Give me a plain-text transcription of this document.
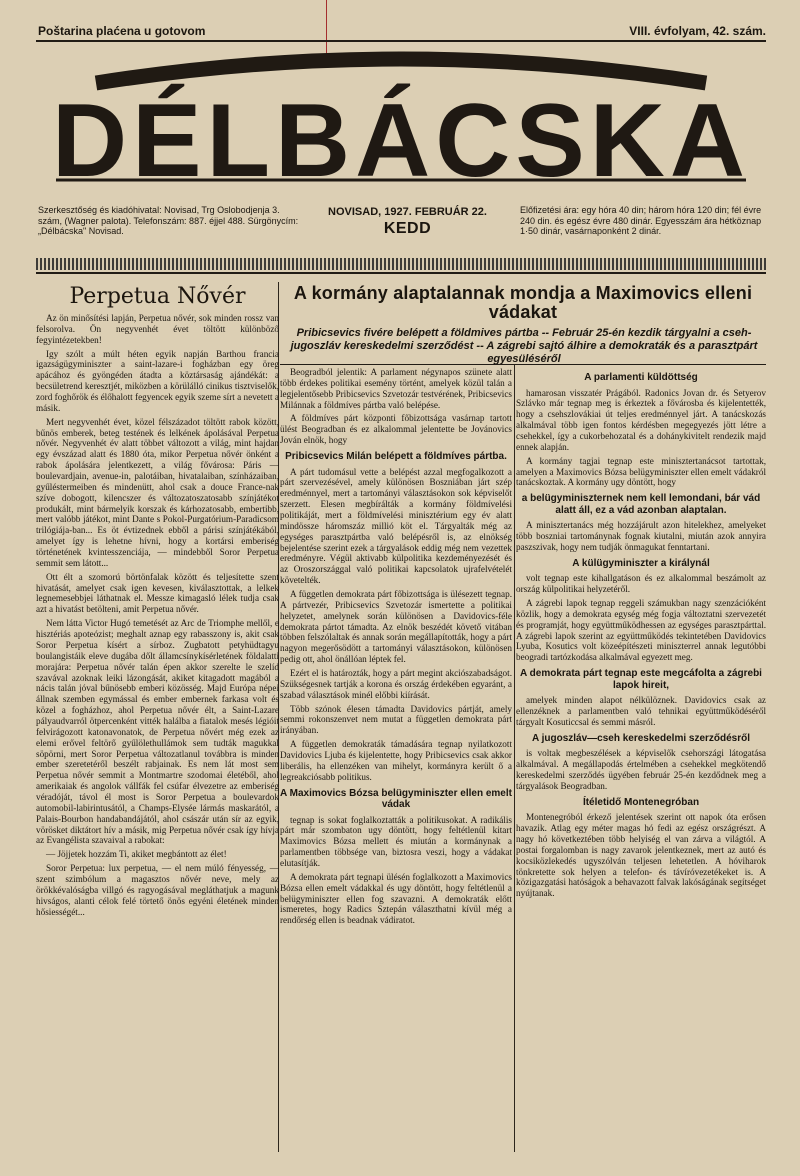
Poštarina plaćena u gotovom	VIII. évfolyam, 42. szám.
DÉLBÁCSKA
Szerkesztőség és kiadóhivatal: Novisad, Trg Oslobodjenja 3. szám, (Wagner palota). Telefonszám: 887. éjjel 488. Sürgönycím: „Délbácska" Novisad.
NOVISAD, 1927. FEBRUÁR 22.
KEDD
Előfizetési ára: egy hóra 40 din; három hóra 120 din; fél évre 240 din. és egész évre 480 dinár. Egyesszám ára hétköznap 1·50 dinár, vasárnaponként 2 dinár.
Perpetua Nővér
Az ön minősítési lapján, Perpetua nővér, sok minden rossz van felsorolva. Ön negyvenhét évet töltött különböző fegyintézetekben!
Igy szólt a múlt héten egyik napján Barthou francia igazságügyminiszter a saint-lazare-i fogházban egy öreg apácához és gyöngéden átadta a köztársaság ajándékát: a becsületrend keresztjét, miközben a körülálló cinikus tisztviselők, zord foghőrök és élőhalott fegyencek egyik szeme sírt a nevetett a másik.
Mert negyvenhét évet, közel félszázadot töltött rabok között, bűnös emberek, beteg testének és lelkének ápolásával Perpetua nővér. Negyvenhét év alatt többet változott a világ, mint hajdan egy évszázad alatt és 1880 óta, mikor Perpetua nővér önként a rabok ápolására jelentkezett, a világ fővárosa: Páris — boulevardjain, avenue-in, palotáiban, hivatalaiban, színházaiban, gyűléstermeiben és mindenütt, ahol csak a douce France-nak szíve dobogott, kilencszer és változatoszatosabb színjátékot produkált, mint bármelyik korszak és kárhozatosabb, embertibb, mert valóbb játékot, mint Dante s Pokol-Purgatórium-Paradicsom trilógiája-ban... Es öt évtizednek ebből a párisi színjátékából, amelyet így is lehetne hívni, hogy a kortársi emberiség történetének kvintesszenciája, — mindebből Soror Perpetua semmit sem látott...
Ott élt a szomorú börtönfalak között és teljesítette szent hivatását, amelyet csak igen kevesen, kiválasztottak, a lelkek legnemesebbjei láthatnak el. Messze kimagasló lélek tudja csak azt a hivatást betölteni, amit Perpetua nővér.
Nem látta Victor Hugó temetését az Arc de Triomphe mellől, e hisztériás apoteózist; meghalt aznap egy rabasszony is, akit csak Soror Perpetua kísért a sírboz. Zugbatott petyhüdtagyu boulangistáik eleve dugába dőlt államcsínykísérletének földalatti morajára: Perpetua nővér talán épen akkor szerelte le szelíd szavával azoknak leiki lázongását, akiket kitagadott magából a nácis talán jóval bűnösebb emberi közösség. Majd Európa népei állnak szemben egymással és ember embernek farkasa volt és közel a fogházhoz, ahol Perpetua nővér élt, a Saint-Lazare pályaudvarról ötpercenként vitték halálba a fiatalok mesés légióit felvirágozott katonavonatok, de Perpetua nővért még ezek az elemi erővel feltörő gyűlölethullámok sem tudták magukkal söpörni, mert Soror Perpetua változatlanul továbbra is minden ember szeretetéről beszélt rabjainak. Es nem lát most sem Perpetua nővér semmit a Montmartre szodomai életéből, ahol amerikaiak és angolok vállfák fel csúfar élvezetre az emberiség véradóját, távol él most is Soror Perpetua a boulevardok automobil-labirintusától, a Champs-Elysée lármás maskarától, a Palais-Bourbon handabandájától, ahol császár után sír az egyik, vörösket diktátort hív a másik, mig Perpetua nővér csak így hívja az Evangélista szavaival a rabokat:
— Jöjjetek hozzám Ti, akiket megbántott az élet!
Soror Perpetua: lux perpetua, — el nem múló fényesség, — szent szimbólum a magasztos nővér neve, mely az örökkévalóságba villgó és ragyogásával megláthatjuk a magunk hivságos, alanti célok felé törtető önös egyéni életének minden hősiességét...
A kormány alaptalannak mondja a Maximovics elleni vádakat
Pribicsevics fivére belépett a földmives pártba -- Február 25-én kezdik tárgyalni a cseh-jugoszláv kereskedelmi szerződést -- A zágrebi sajtó álhire a demokraták és a parasztpárt egyesüléséről
Beogradból jelentik: A parlament négynapos szünete alatt több érdekes politikai esemény történt, amelyek közül talán a legjelentősebb Pribicsevics Szvetozár testvérének, Pribicsevics Milánnak a földmíves pártba való belépése.
A földmíves párt központi főbizottsága vasárnap tartott ülést Beogradban és ez alkalommal jelentette be Jovánovics Jován elnök, hogy
Pribicsevics Milán belépett a földmíves pártba.
A párt tudomásul vette a belépést azzal megfogalkozott a párt szervezésével, amely különösen Boszniában járt szép eredménnyel, mert a tartományi választásokon sok képviselőt szerzett. Elesen megbírálták a kormány földmívelési politikáját, mert a földmívelési minisztérium egy év alatt mindössze háromszáz millió köt el. Tárgyalták még az egységes parasztpártba való belépésről is, az elnökség bejelentése szerint ezek a tárgyalások eddig még nem vezettek eredményre. Végül aktivabb külpolitika kezdeményezését és az Oroszországgal való politikai kapcsolatok ujrafelvételét követelték.
A független demokrata párt főbizottsága is ülésezett tegnap. A pártvezér, Pribicsevics Szvetozár ismertette a politikai helyzetet, amelynek során különösen a Davidovics-féle demokrata pártot támadta. Az elnök beszédét követő vitában többen felszólaltak és annak során megállapították, hogy a párt nagyon megerősödött a tartományi választásokon, különösen pedig ott, ahol önállóan léptek fel.
Ezért el is határozták, hogy a párt megint akciószabadságot. Szükségesnek tartják a korona és ország érdekében egyaránt, a szabad választások minél előbbi kiírását.
Több szónok élesen támadta Davidovics pártját, amely semmi rokonszenvet nem mutat a független demokrata párt irányában.
A független demokraták támadására tegnap nyilatkozott Davidovics Ljuba és kijelentette, hogy Pribicsevics csak akkor liberális, ha ellenzéken van mihelyt, kormányra került ő a legreakciósabb politikus.
A Maximovics Bózsa belügyminiszter ellen emelt vádak
tegnap is sokat foglalkoztatták a politikusokat. A radikális párt már szombaton ugy döntött, hogy feltétlenül kitart Maximovics Bózsa mellett és miután a kormánynak a parlamentben többsége van, biztosra veszi, hogy a vádakat elutasítják.
A demokrata párt tegnapi ülésén foglalkozott a Maximovics Bózsa ellen emelt vádakkal és ugy döntött, hogy feltétlenül a belügyminiszter ellen fog szavazni. A demokraták előtt ismeretes, hogy Radics Sztepán választhatni kívül még a rendőrség ellen is beadnak vádiratot.
A parlamenti küldöttség
hamarosan visszatér Prágából. Radonics Jovan dr. és Setyerov Szlávko már tegnap meg is érkeztek a fővárosba és kijelentették, hogy a csehszlovákiai út teljes eredménnyel járt. A tanácskozás alkalmával több igen fontos kérdésben megegyezés jött létre a csehekkel, így a cukorbehozatal és a dohánykivitelt rendezik majd ennek alapján.
A kormány tagjai tegnap este minisztertanácsot tartottak, amelyen a Maximovics Bózsa belügyminiszter ellen emelt vádakról tanácskoztak. A kormány ugy döntött, hogy
a belügyminiszternek nem kell lemondani, bár vád alatt áll, ez a vád azonban alaptalan.
A minisztertanács még hozzájárult azon hitelekhez, amelyeket több boszniai tartománynak fognak kiutalni, miután azok annyira paszszivak, hogy nem tudják önmagukat fenntartani.
A külügyminiszter a királynál
volt tegnap este kihallgatáson és ez alkalommal beszámolt az ország külpolitikai helyzetéről.
A zágrebi lapok tegnap reggeli számukban nagy szenzációként közlik, hogy a demokrata egység még fogja változtatni szervezetét és programját, hogy együttműködhessen az egységes parasztpárttal. A zágrebi lapok szerint az együttműködés tekintetében Davidovics Lyuba, Kosutics volt közeépítészeti miniszterrel annak legutóbbi beogradi tartózkodása alkalmával egyezett meg.
A demokrata párt tegnap este megcáfolta a zágrebi lapok hireit,
amelyek minden alapot nélkülöznek. Davidovics csak az ellenzéknek a parlamentben való tehnikai együttműködéséről tárgyalt Kosuticcsal és semmi másról.
A jugoszláv—cseh kereskedelmi szerződésről
is voltak megbeszélések a képviselők csehországi látogatása alkalmával. A megállapodás értelmében a csehekkel megkötendő kereskedelmi szerződés ügyében február 25-én kezdődnek meg a tárgyalások Beogradban.
Ítéletidő Montenegróban
Montenegróból érkező jelentések szerint ott napok óta erősen havazik. Atlag egy méter magas hó fedi az egész országrészt. A nagy hó következtében több helyiség el van zárva a világtól. A postai forgalomban is nagy zavarok jelentkeznek, mert az autó és kocsiközlekedés ugyszólván teljesen lehetetlen. A hóviharok tönkretette sok helyen a telefon- és távíróvezetékeket is. A közigazgatási hatóságok a behavazott falvak lakóságának segítséget nyújtanak.
